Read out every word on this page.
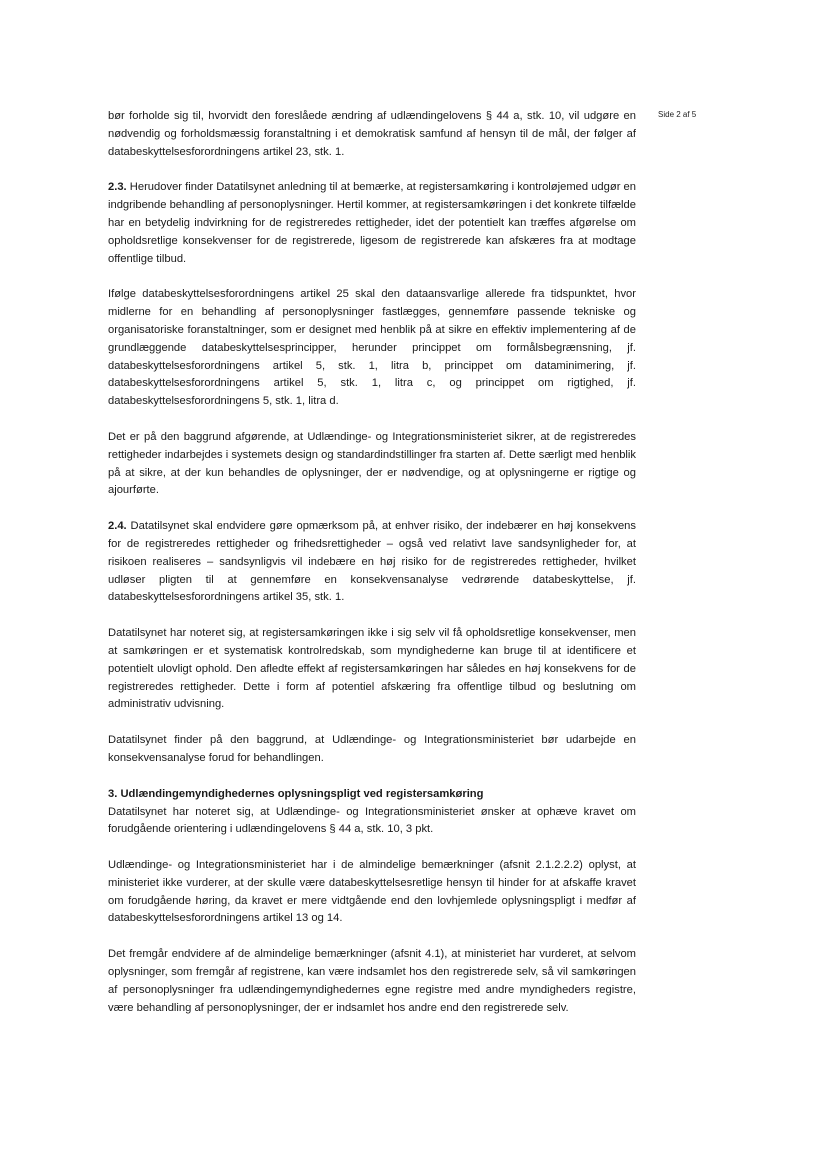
Side 2 af 5

bør forholde sig til, hvorvidt den foreslåede ændring af udlændingelovens § 44 a, stk. 10, vil udgøre en nødvendig og forholdsmæssig foranstaltning i et demokratisk samfund af hensyn til de mål, der følger af databeskyttelsesforordningens artikel 23, stk. 1.

2.3. Herudover finder Datatilsynet anledning til at bemærke, at registersamkøring i kontroløjemed udgør en indgribende behandling af personoplysninger. Hertil kommer, at registersamkøringen i det konkrete tilfælde har en betydelig indvirkning for de registreredes rettigheder, idet der potentielt kan træffes afgørelse om opholdsretlige konsekvenser for de registrerede, ligesom de registrerede kan afskæres fra at modtage offentlige tilbud.

Ifølge databeskyttelsesforordningens artikel 25 skal den dataansvarlige allerede fra tidspunktet, hvor midlerne for en behandling af personoplysninger fastlægges, gennemføre passende tekniske og organisatoriske foranstaltninger, som er designet med henblik på at sikre en effektiv implementering af de grundlæggende databeskyttelsesprincipper, herunder princippet om formålsbegrænsning, jf. databeskyttelsesforordningens artikel 5, stk. 1, litra b, princippet om dataminimering, jf. databeskyttelsesforordningens artikel 5, stk. 1, litra c, og princippet om rigtighed, jf. databeskyttelsesforordningens 5, stk. 1, litra d.

Det er på den baggrund afgørende, at Udlændinge- og Integrationsministeriet sikrer, at de registreredes rettigheder indarbejdes i systemets design og standardindstillinger fra starten af. Dette særligt med henblik på at sikre, at der kun behandles de oplysninger, der er nødvendige, og at oplysningerne er rigtige og ajourførte.

2.4. Datatilsynet skal endvidere gøre opmærksom på, at enhver risiko, der indebærer en høj konsekvens for de registreredes rettigheder og frihedsrettigheder – også ved relativt lave sandsynligheder for, at risikoen realiseres – sandsynligvis vil indebære en høj risiko for de registreredes rettigheder, hvilket udløser pligten til at gennemføre en konsekvensanalyse vedrørende databeskyttelse, jf. databeskyttelsesforordningens artikel 35, stk. 1.

Datatilsynet har noteret sig, at registersamkøringen ikke i sig selv vil få opholdsretlige konsekvenser, men at samkøringen er et systematisk kontrolredskab, som myndighederne kan bruge til at identificere et potentielt ulovligt ophold. Den afledte effekt af registersamkøringen har således en høj konsekvens for de registreredes rettigheder. Dette i form af potentiel afskæring fra offentlige tilbud og beslutning om administrativ udvisning.

Datatilsynet finder på den baggrund, at Udlændinge- og Integrationsministeriet bør udarbejde en konsekvensanalyse forud for behandlingen.

3. Udlændingemyndighedernes oplysningspligt ved registersamkøring

Datatilsynet har noteret sig, at Udlændinge- og Integrationsministeriet ønsker at ophæve kravet om forudgående orientering i udlændingelovens § 44 a, stk. 10, 3 pkt.

Udlændinge- og Integrationsministeriet har i de almindelige bemærkninger (afsnit 2.1.2.2.2) oplyst, at ministeriet ikke vurderer, at der skulle være databeskyttelsesretlige hensyn til hinder for at afskaffe kravet om forudgående høring, da kravet er mere vidtgående end den lovhjemlede oplysningspligt i medfør af databeskyttelsesforordningens artikel 13 og 14.

Det fremgår endvidere af de almindelige bemærkninger (afsnit 4.1), at ministeriet har vurderet, at selvom oplysninger, som fremgår af registrene, kan være indsamlet hos den registrerede selv, så vil samkøringen af personoplysninger fra udlændingemyndighedernes egne registre med andre myndigheders registre, være behandling af personoplysninger, der er indsamlet hos andre end den registrerede selv.
